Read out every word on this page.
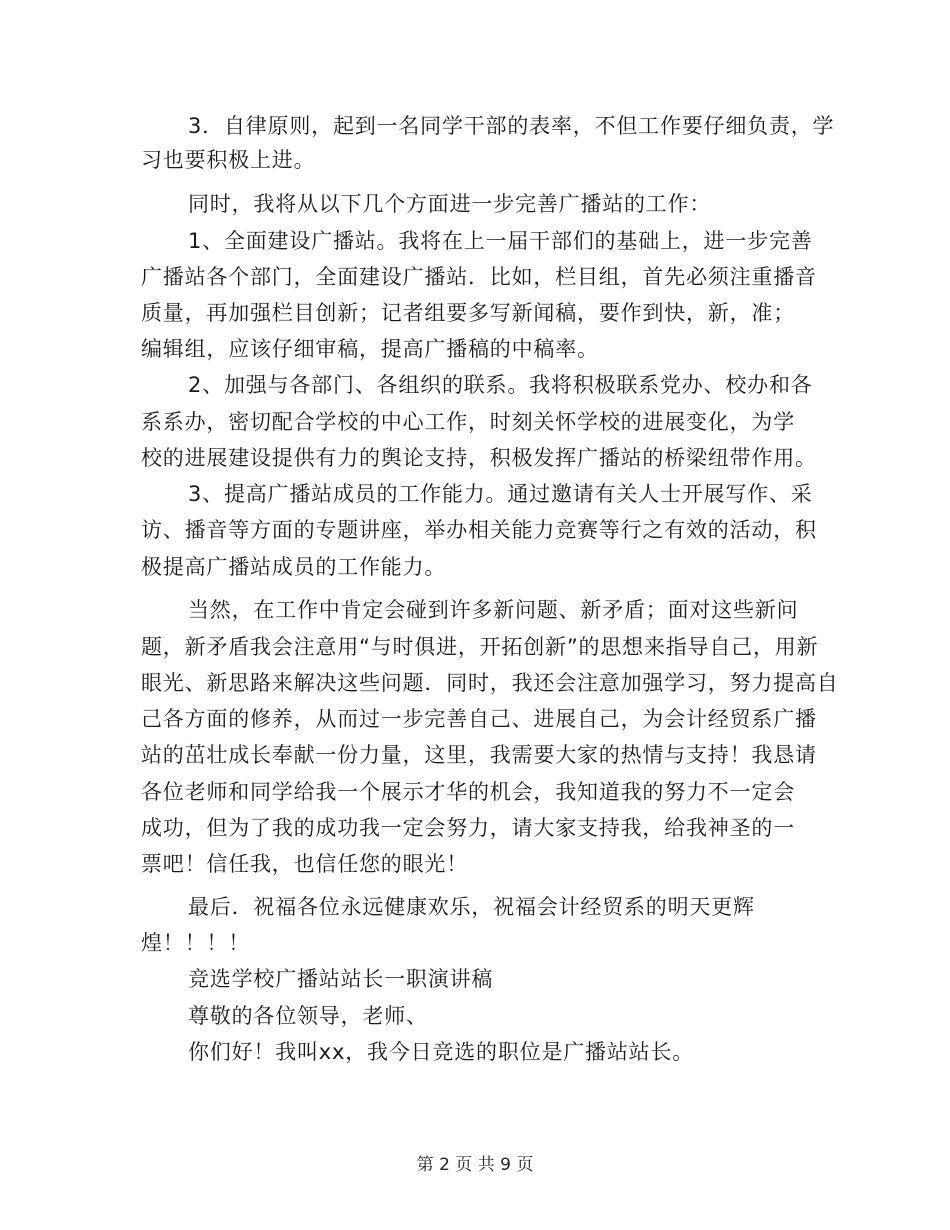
3．自律原则，起到一名同学干部的表率，不但工作要仔细负责，学
习也要积极上进。
同时，我将从以下几个方面进一步完善广播站的工作：
1、全面建设广播站。我将在上一届干部们的基础上，进一步完善
广播站各个部门，全面建设广播站．比如，栏目组，首先必须注重播音
质量，再加强栏目创新；记者组要多写新闻稿，要作到快，新，准；
编辑组，应该仔细审稿，提高广播稿的中稿率。
2、加强与各部门、各组织的联系。我将积极联系党办、校办和各
系系办，密切配合学校的中心工作，时刻关怀学校的进展变化，为学
校的进展建设提供有力的舆论支持，积极发挥广播站的桥梁纽带作用。
3、提高广播站成员的工作能力。通过邀请有关人士开展写作、采
访、播音等方面的专题讲座，举办相关能力竞赛等行之有效的活动，积
极提高广播站成员的工作能力。
当然，在工作中肯定会碰到许多新问题、新矛盾；面对这些新问
题，新矛盾我会注意用“与时俱进，开拓创新”的思想来指导自己，用新
眼光、新思路来解决这些问题．同时，我还会注意加强学习，努力提高自
己各方面的修养，从而过一步完善自己、进展自己，为会计经贸系广播
站的茁壮成长奉献一份力量，这里，我需要大家的热情与支持！我恳请
各位老师和同学给我一个展示才华的机会，我知道我的努力不一定会
成功，但为了我的成功我一定会努力，请大家支持我，给我神圣的一
票吧！信任我，也信任您的眼光！
最后．祝福各位永远健康欢乐，祝福会计经贸系的明天更辉
煌！！！！
竞选学校广播站站长一职演讲稿
尊敬的各位领导，老师、
你们好！我叫xx，我今日竞选的职位是广播站站长。
第 2 页 共 9 页
